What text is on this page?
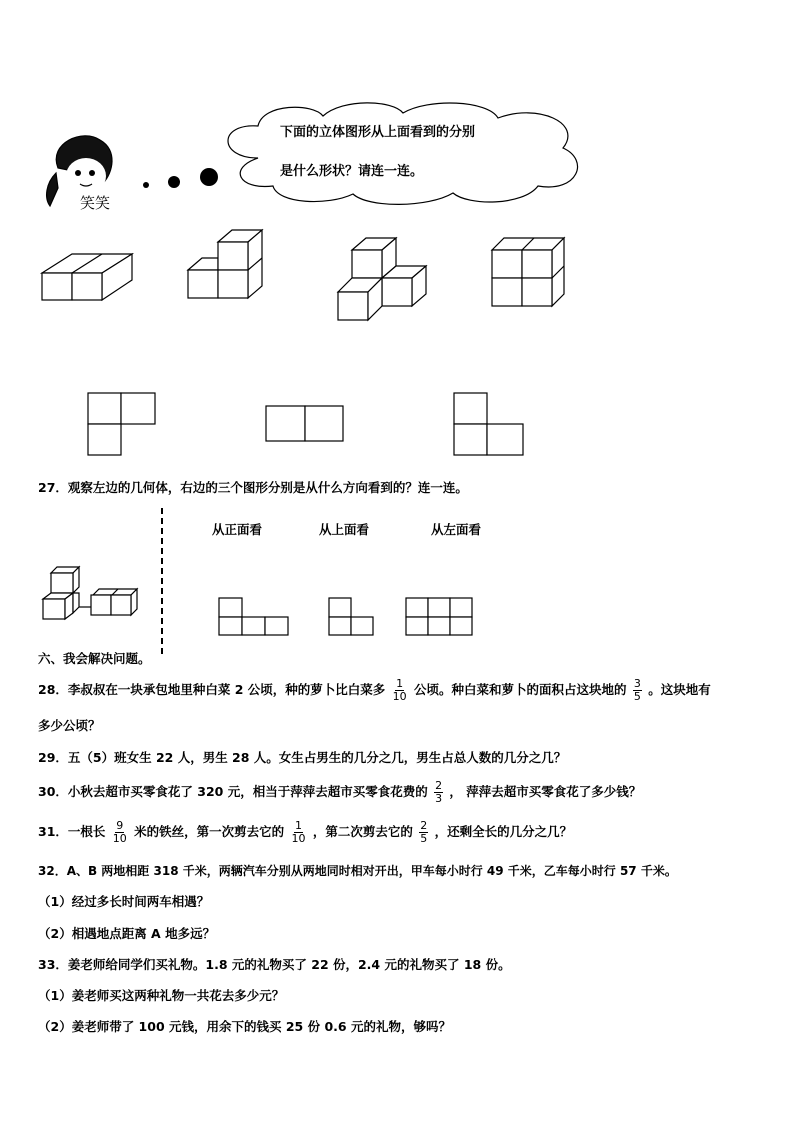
笑笑
下面的立体图形从上面看到的分别
是什么形状？请连一连。
27．观察左边的几何体，右边的三个图形分别是从什么方向看到的？连一连。
从正面看	从上面看	从左面看
六、我会解决问题。
28．李叔叔在一块承包地里种白菜 2 公顷，种的萝卜比白菜多 $\frac{1}{10}$ 公顷。种白菜和萝卜的面积占这块地的 $\frac{3}{5}$ 。这块地有
多少公顷？
29．五（5）班女生 22 人，男生 28 人。女生占男生的几分之几，男生占总人数的几分之几？
30．小秋去超市买零食花了 320 元，相当于萍萍去超市买零食花费的 $\frac{2}{3}$ ， 萍萍去超市买零食花了多少钱？
31．一根长 $\frac{9}{10}$ 米的铁丝，第一次剪去它的 $\frac{1}{10}$ ，第二次剪去它的 $\frac{2}{5}$ ，还剩全长的几分之几？
32．A、B 两地相距 318 千米，两辆汽车分别从两地同时相对开出，甲车每小时行 49 千米，乙车每小时行 57 千米。
（1）经过多长时间两车相遇？
（2）相遇地点距离 A 地多远？
33．姜老师给同学们买礼物。1.8 元的礼物买了 22 份，2.4 元的礼物买了 18 份。
（1）姜老师买这两种礼物一共花去多少元？
（2）姜老师带了 100 元钱，用余下的钱买 25 份 0.6 元的礼物，够吗？
